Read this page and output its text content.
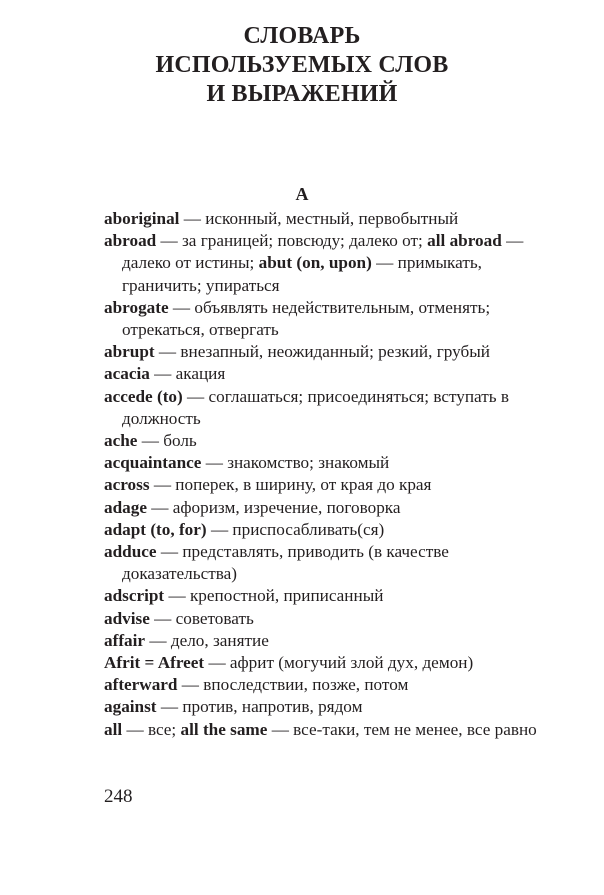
СЛОВАРЬ
ИСПОЛЬЗУЕМЫХ СЛОВ
И ВЫРАЖЕНИЙ
A
aboriginal — исконный, местный, первобытный
abroad — за границей; повсюду; далеко от; all abroad — далеко от истины; abut (on, upon) — примыкать, граничить; упираться
abrogate — объявлять недействительным, отменять; отрекаться, отвергать
abrupt — внезапный, неожиданный; резкий, грубый
acacia — акация
accede (to) — соглашаться; присоединяться; вступать в должность
ache — боль
acquaintance — знакомство; знакомый
across — поперек, в ширину, от края до края
adage — афоризм, изречение, поговорка
adapt (to, for) — приспосабливать(ся)
adduce — представлять, приводить (в качестве доказательства)
adscript — крепостной, приписанный
advise — советовать
affair — дело, занятие
Afrit = Afreet — африт (могучий злой дух, демон)
afterward — впоследствии, позже, потом
against — против, напротив, рядом
all — все; all the same — все-таки, тем не менее, все равно
248
